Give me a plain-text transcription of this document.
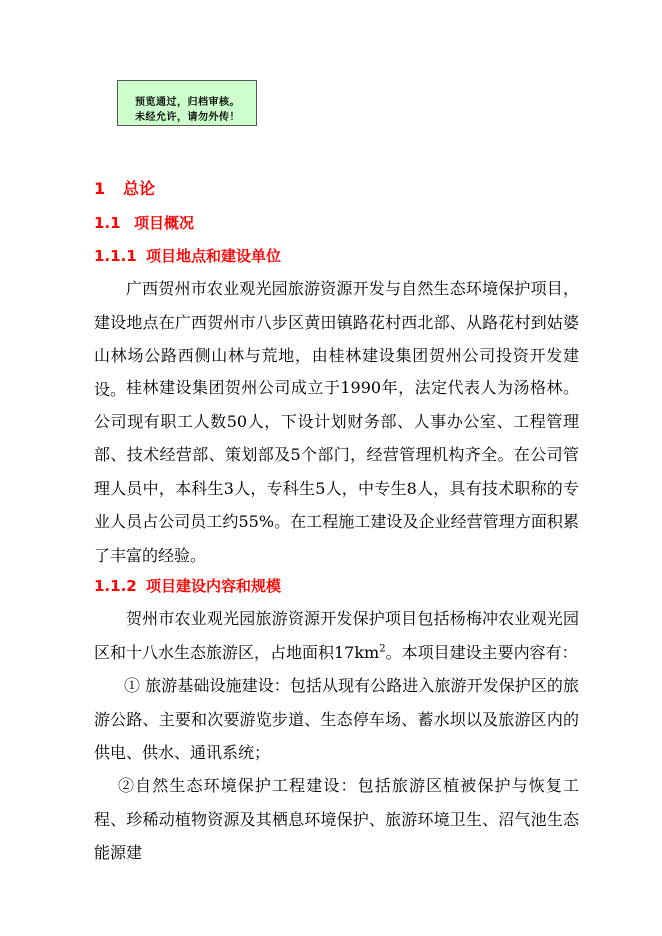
预览通过，归档审核。
未经允许，请勿外传！
1 总论
1.1 项目概况
1.1.1 项目地点和建设单位

广西贺州市农业观光园旅游资源开发与自然生态环境保护项目，建设地点在广西贺州市八步区黄田镇路花村西北部、从路花村到姑婆山林场公路西侧山林与荒地，由桂林建设集团贺州公司投资开发建设。 桂林建设集团贺州公司成立于1990年，法定代表人为汤格林。公司现有职工人数50人，下设计划财务部、人事办公室、工程管理部、技术经营部、策划部及5个部门，经营管理机构齐全。在公司管理人员中，本科生3人，专科生5人，中专生8人，具有技术职称的专业人员占公司员工约55%。在工程施工建设及企业经营管理方面积累了丰富的经验。

1.1.2 项目建设内容和规模

贺州市农业观光园旅游资源开发保护项目包括杨梅冲农业观光园区和十八水生态旅游区，占地面积$17km^2$。本项目建设主要内容有：

① 旅游基础设施建设：包括从现有公路进入旅游开发保护区的旅游公路、主要和次要游览步道、生态停车场、蓄水坝以及旅游区内的供电、供水、通讯系统；

②自然生态环境保护工程建设：包括旅游区植被保护与恢复工程、珍稀动植物资源及其栖息环境保护、旅游环境卫生、沼气池生态能源建
